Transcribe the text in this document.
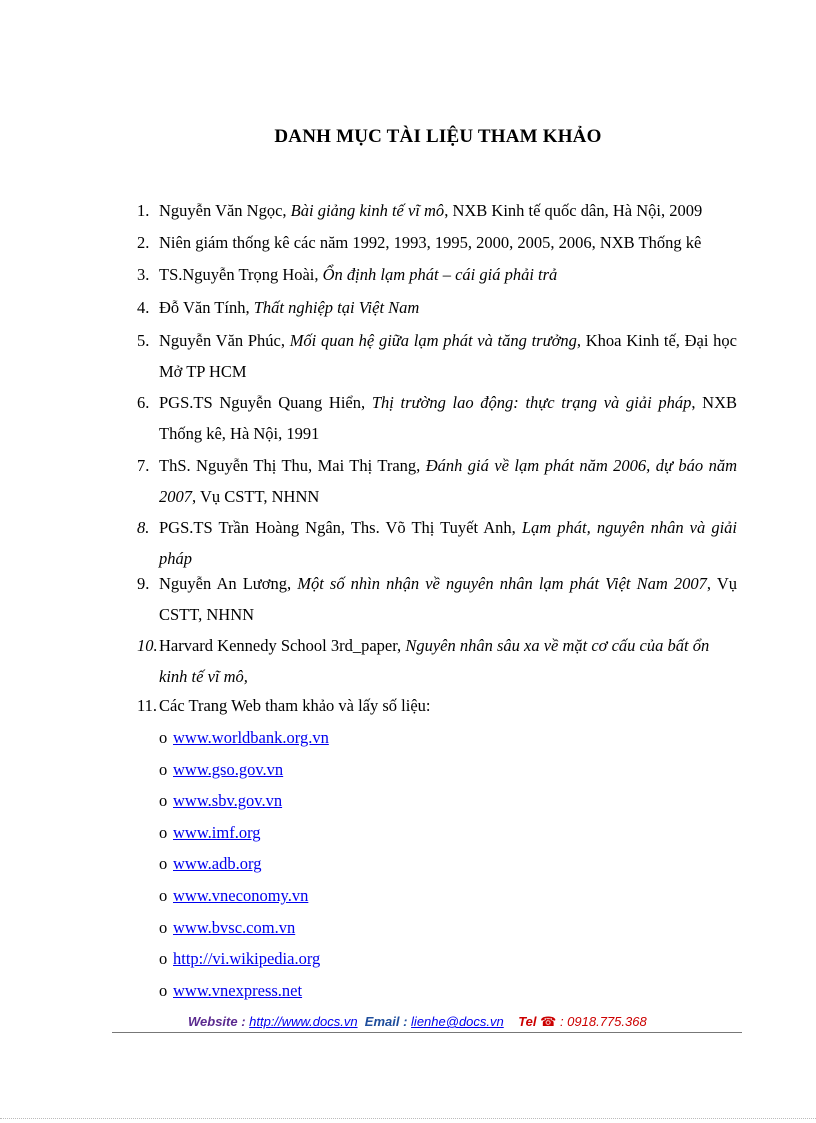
DANH MỤC TÀI LIỆU THAM KHẢO
1. Nguyễn Văn Ngọc, Bài giảng kinh tế vĩ mô, NXB Kinh tế quốc dân, Hà Nội, 2009
2. Niên giám thống kê các năm 1992, 1993, 1995, 2000, 2005, 2006, NXB Thống kê
3. TS.Nguyễn Trọng Hoài, Ổn định lạm phát – cái giá phải trả
4. Đỗ Văn Tính, Thất nghiệp tại Việt Nam
5. Nguyễn Văn Phúc, Mối quan hệ giữa lạm phát và tăng trưởng, Khoa Kinh tế, Đại học Mở TP HCM
6. PGS.TS Nguyễn Quang Hiển, Thị trường lao động: thực trạng và giải pháp, NXB Thống kê, Hà Nội, 1991
7. ThS. Nguyễn Thị Thu, Mai Thị Trang, Đánh giá về lạm phát năm 2006, dự báo năm 2007, Vụ CSTT, NHNN
8. PGS.TS Trần Hoàng Ngân, Ths. Võ Thị Tuyết Anh, Lạm phát, nguyên nhân và giải pháp
9. Nguyễn An Lương, Một số nhìn nhận về nguyên nhân lạm phát Việt Nam 2007, Vụ CSTT, NHNN
10. Harvard Kennedy School 3rd_paper, Nguyên nhân sâu xa về mặt cơ cấu của bất ổn kinh tế vĩ mô,
11. Các Trang Web tham khảo và lấy số liệu:
o www.worldbank.org.vn
o www.gso.gov.vn
o www.sbv.gov.vn
o www.imf.org
o www.adb.org
o www.vneconomy.vn
o www.bvsc.com.vn
o http://vi.wikipedia.org
o www.vnexpress.net
Website : http://www.docs.vn Email : lienhe@docs.vn Tel ☎ : 0918.775.368
